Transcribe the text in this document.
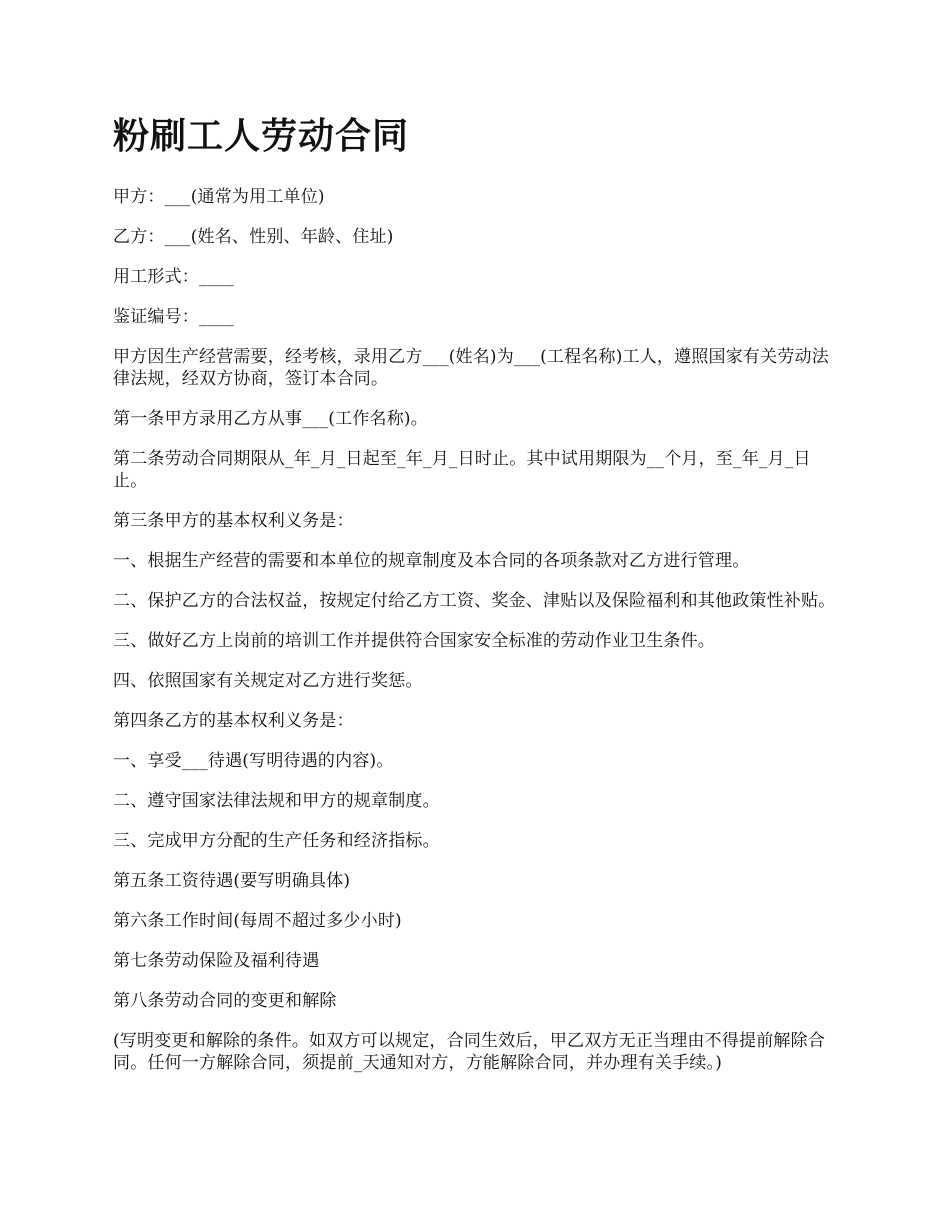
粉刷工人劳动合同

甲方：___(通常为用工单位)

乙方：___(姓名、性别、年龄、住址)

用工形式：____

鉴证编号：____

甲方因生产经营需要，经考核，录用乙方___(姓名)为___(工程名称)工人，遵照国家有关劳动法律法规，经双方协商，签订本合同。

第一条甲方录用乙方从事___(工作名称)。

第二条劳动合同期限从_年_月_日起至_年_月_日时止。其中试用期限为__个月，至_年_月_日止。

第三条甲方的基本权利义务是：

一、根据生产经营的需要和本单位的规章制度及本合同的各项条款对乙方进行管理。

二、保护乙方的合法权益，按规定付给乙方工资、奖金、津贴以及保险福利和其他政策性补贴。

三、做好乙方上岗前的培训工作并提供符合国家安全标准的劳动作业卫生条件。

四、依照国家有关规定对乙方进行奖惩。

第四条乙方的基本权利义务是：

一、享受___待遇(写明待遇的内容)。

二、遵守国家法律法规和甲方的规章制度。

三、完成甲方分配的生产任务和经济指标。

第五条工资待遇(要写明确具体)

第六条工作时间(每周不超过多少小时)

第七条劳动保险及福利待遇

第八条劳动合同的变更和解除

(写明变更和解除的条件。如双方可以规定，合同生效后，甲乙双方无正当理由不得提前解除合同。任何一方解除合同，须提前_天通知对方，方能解除合同，并办理有关手续。)
